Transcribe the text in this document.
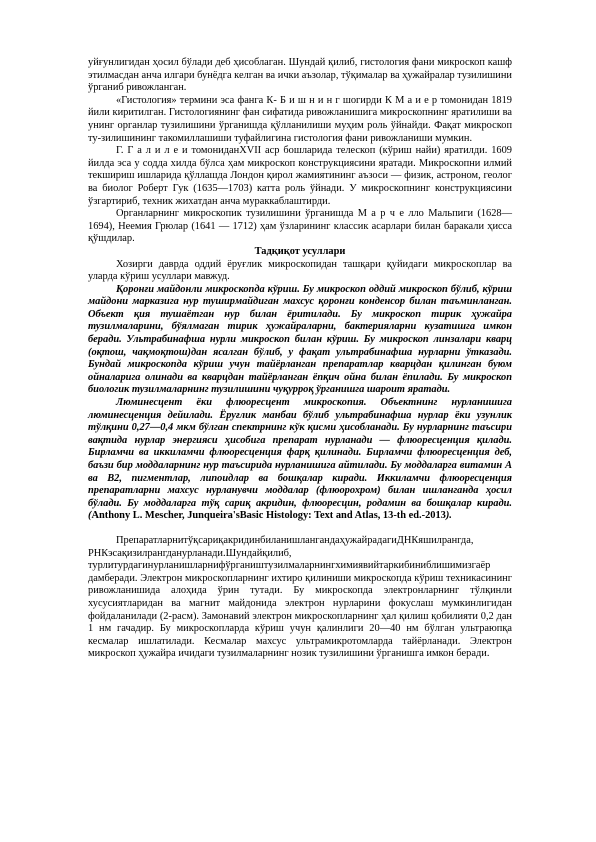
уйғунлигидан ҳосил бўлади деб ҳисоблаган. Шундай қилиб, гистология фани микроскоп кашф этилмасдан анча илгари бунёдга келган ва ички аъзолар, тўқималар ва ҳужайралар тузилишини ўрганиб ривожланган.

«Гистология» термини эса фанга К- Б и ш н и н г шогирди К М а и е р томонидан 1819 йили киритилган. Гистологиянинг фан сифатида ривожланишига микроскопнинг яратилиши ва унинг органлар тузилишини ўрганишда қўлланилиши муҳим роль ўйнайди. Фақат микроскоп ту-зилишининг такомиллашиши туфайлигина гистология фани ривожланиши мумкин.

Г. Г а л и л е и томониданXVII аср бошларида телескоп (кўриш найи) яратилди. 1609 йилда эса у содда хилда бўлса ҳам микроскоп конструкциясини яратади. Микроскопни илмий текшириш ишларида қўллашда Лондон қирол жамиятининг аъзоси — физик, астроном, геолог ва биолог Роберт Гук (1635—1703) катта роль ўйнади. У микроскопнинг конструкциясини ўзгартириб, техник жихатдан анча мураккаблаштирди.

Органларнинг микроскопик тузилишини ўрганишда М а р ч е лло Мальпиги (1628—1694), Неемия Грюлар (1641 — 1712) ҳам ўзларининг классик асарлари билан баракали ҳисса қўшдилар.

Тадқиқот усуллари

Хозирги даврда оддий ёруғлик микроскопидан ташқари қуйидаги микроскоплар ва уларда кўриш усуллари мавжуд.

Қоронғи майдонли микроскопда кўриш. Бу микроскоп оддий микроскоп бўлиб, кўриш майдони марказига нур тушиpмайдиган махсус қоронғи конденсор билан таъминланган. Объект қия тушаётган нур билан ёритилади. Бу микроскоп тирик ҳужайра тузилмаларини, бўялмаган тирик ҳужайраларни, бактерияларни кузатишга имкон беради. Ультрабинафша нурли микроскоп билан кўриш. Бу микроскоп линзалари кварц (оқтош, чақмоқтош)дан ясалган бўлиб, у фақат ультрабинафша нурларни ўтказади. Бундай микроскопда кўриш учун тайёрланган препаратлар кварцдан қилинган буюм ойналарига олинади ва кварцдан тайёрланган ёпқич ойна билан ёпилади. Бу микроскоп биологик тузилмаларнинг тузилишини чуқурроқ ўрганишга шароит яратади.

Люминесцент ёки флюоресцент микроскопия. Объектнинг нурланишига люминесценция дейилади. Ёруғлик манбаи бўлиб ультрабинафша нурлар ёки узунлик тўлқини 0,27—0,4 мкм бўлган спектрнинг кўк қисми ҳисобланади. Бу нурларнинг таъсири вақтида нурлар энергияси ҳисобига препарат нурланади — флюоресценция қилади. Бирламчи ва иккиламчи флюоресценция фарқ қилинади. Бирламчи флюоресценция деб, баъзи бир моддаларнинг нур таъсирида нурланишига айтилади. Бу моддаларга витамин А ва В2, пигментлар, липоидлар ва бошқалар киради. Иккиламчи флюоресценция препаратларни махсус нурланувчи моддалар (флюорохром) билан ишланганда ҳосил бўлади. Бу моддаларга тўқ сариқ акридин, флюоресцин, родамин ва бошқалар киради. (Anthony L. Mescher, Junqueira'sBasic Histology: Text and Atlas, 13-th ed.-2013).

ПрепаратларнитўқсариқакридинбиланишлангандаҳужайрадагиДНКяшилрангда, РНКэсақизилрангданурланади.Шундайқилиб, турлитурдагинурланишларнифўргаништузилмаларнингхимиявийтаркибиниблишимизгаёр дамберади. Электрон микроскопларнинг ихтиро қилиниши микроскопда кўриш техникасининг ривожланишида алоҳида ўрин тутади. Бу микроскопда электронларнинг тўлқинли хусусиятларидан ва магнит майдонида электрон нурларини фокуслаш мумкинлигидан фойдаланилади (2-расм). Замонавий электрон микроскопларнинг ҳал қилиш қобилияти 0,2 дан 1 нм гачадир. Бу микроскопларда кўриш учун қалинлиги 20—40 нм бўлган ультраюпқа кесмалар ишлатилади. Кесмалар махсус ультрамикротомларда тайёрланади. Электрон микроскоп ҳужайра ичидаги тузилмаларнинг нозик тузилишини ўрганишга имкон беради.
